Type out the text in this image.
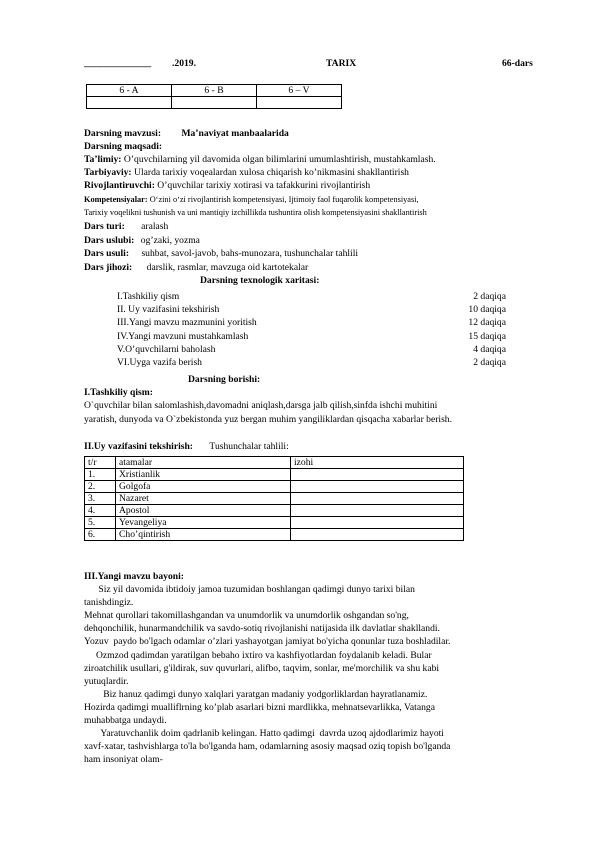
______________ .2019.	TARIX	66-dars
6 - A	6 - B	6 – V

Darsning mavzusi: Ma’naviyat manbaalarida
Darsning maqsadi:
Ta’limiy: O’quvchilarning yil davomida olgan bilimlarini umumlashtirish, mustahkamlash.
Tarbiyaviy: Ularda tarixiy voqealardan xulosa chiqarish ko’nikmasini shakllantirish
Rivojlantiruvchi: O’quvchilar tarixiy xotirasi va tafakkurini rivojlantirish
Kompetensiyalar: O‘zini o‘zi rivojlantirish kompetensiyasi, Ijtimoiy faol fuqarolik kompetensiyasi,
Tarixiy voqelikni tushunish va uni mantiqiy izchillikda tushuntira olish kompetensiyasini shakllantirish
Dars turi: aralash
Dars uslubi: og’zaki, yozma
Dars usuli: suhbat, savol-javob, bahs-munozara, tushunchalar tahlili
Dars jihozi: darslik, rasmlar, mavzuga oid kartotekalar
Darsning texnologik xaritasi:
I.Tashkiliy qism	2 daqiqa
II. Uy vazifasini tekshirish	10 daqiqa
III.Yangi mavzu mazmunini yoritish	12 daqiqa
IV.Yangi mavzuni mustahkamlash	15 daqiqa
V.O’quvchilarni baholash	4 daqiqa
VI.Uyga vazifa berish	2 daqiqa
Darsning borishi:
I.Tashkiliy qism:
O`quvchilar bilan salomlashish,davomadni aniqlash,darsga jalb qilish,sinfda ishchi muhitini
yaratish, dunyoda va O`zbekistonda yuz bergan muhim yangiliklardan qisqacha xabarlar berish.
II.Uy vazifasini tekshirish: Tushunchalar tahlili:
t/r	atamalar	izohi
1.	Xristianlik	
2.	Golgofa	
3.	Nazaret	
4.	Apostol	
5.	Yevangeliya	
6.	Cho’qintirish	
III.Yangi mavzu bayoni:
Siz yil davomida ibtidoiy jamoa tuzumidan boshlangan qadimgi dunyo tarixi bilan
tanishdingiz.
Mehnat qurollari takomillashgandan va unumdorlik va unumdorlik oshgandan so'ng,
dehqonchilik, hunarmandchilik va savdo-sotiq rivojlanishi natijasida ilk davlatlar shakllandi.
Yozuv  paydo bo'lgach odamlar o’zlari yashayotgan jamiyat bo'yicha qonunlar tuza boshladilar.
Ozmzod qadimdan yaratilgan bebaho ixtiro va kashfiyotlardan foydalanib keladi. Bular
ziroatchilik usullari, g'ildirak, suv quvurlari, alifbo, taqvim, sonlar, me'morchilik va shu kabi
yutuqlardir.
Biz hanuz qadimgi dunyo xalqlari yaratgan madaniy yodgorliklardan hayratlanamiz.
Hozirda qadimgi mualliflrning ko’plab asarlari bizni mardlikka, mehnatsevarlikka, Vatanga
muhabbatga undaydi.
Yaratuvchanlik doim qadrlanib kelingan. Hatto qadimgi  davrda uzoq ajdodlarimiz hayoti
xavf-xatar, tashvishlarga to'la bo'lganda ham, odamlarning asosiy maqsad oziq topish bo'lganda
ham insoniyat olam-
